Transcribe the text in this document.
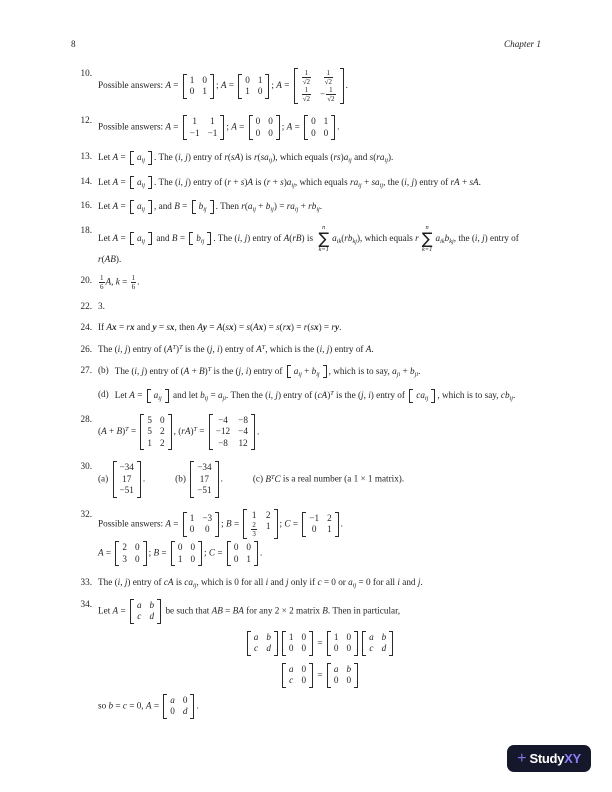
8	Chapter 1
10.
Possible answers: A =
1 0
0 1
; A =
0 1
1 0
; $A = \frac{1}{√2} \frac{1}{√2}$
$\frac{1}{√2} - \frac{1}{√2}$
.
12.
Possible answers: A =
1 1
−1 −1
; A =
0 0
0 0
; A =
0 1
0 0
.
13. Let $A = a_{ij}$ . The (i, j) entry of r(sA) is $r(sa_{ij})$, which equals $(rs)a_{ij}$ and $s(ra_{ij})$.
14. Let $A = a_{ij}$ . The (i, j) entry of (r + s)A is $(r + s)a_{ij}$, which equals $ra_{ij} + sa_{ij}$, the (i, j) entry of rA + sA.
16. Let $A = a_{ij}$ , and $B = b_{ij}$ . Then $r(a_{ij} + b_{ij}) = ra_{ij} + rb_{ij}$.
18.
Let $A = a_{ij}$ and $B = b_{ij}$ . The (i, j) entry of A(rB) is
n
∑
k=1
$a_{ik}(rb_{kj})$, which equals r
n
∑
k=1
$a_{ik}b_{kj}$, the (i, j) entry of r(AB).
20. $\frac{1}{6} A$, $k = \frac{1}{6}$ .
22. 3.
24. If Ax = rx and y = sx, then Ay = A(sx) = s(Ax) = s(rx) = r(sx) = ry.
26. The (i, j) entry of $(A^T)^T$ is the (j, i) entry of $A^T$, which is the (i, j) entry of A.
27. (b) The (i, j) entry of $(A + B)^T$ is the (j, i) entry of $a_{ij} + b_{ij}$ , which is to say, $a_{ji} + b_{ji}$.
(d) Let $A = a_{ij}$ and let $b_{ij} = a_{ji}$. Then the (i, j) entry of (cA)$^T$ is the (j, i) entry of $ca_{ij}$ , which is to say, $cb_{ij}$.
28.
$(A + B)^T$ =
5 0
5 2
1 2
, (rA)$^T$ =
−4 −8
−12 −4
−8 12
.
30.
(a)
−34
17
−51
.	(b)
−34
17
−51
.	(c) $B^TC$ is a real number (a 1 × 1 matrix).
32.
Possible answers: A =
1 −3
0 0
; B =
1 2
$\frac{2}{3} 1$ ; C =
−1 2
0 1
.
A =
2 0
3 0
; B =
0 0
1 0
; C =
0 0
0 1
.
33. The (i, j) entry of cA is $ca_{ij}$, which is 0 for all i and j only if c = 0 or $a_{ij} = 0$ for all i and j.
34.
Let A =
a b
c d
be such that AB = BA for any 2 × 2 matrix B. Then in particular,
a b
c d
1 0
0 0
=
1 0
0 0
a b
c d
a 0
c 0
=
a b
0 0
so b = c = 0, A =
a 0
0 d
.
+ Study XY
